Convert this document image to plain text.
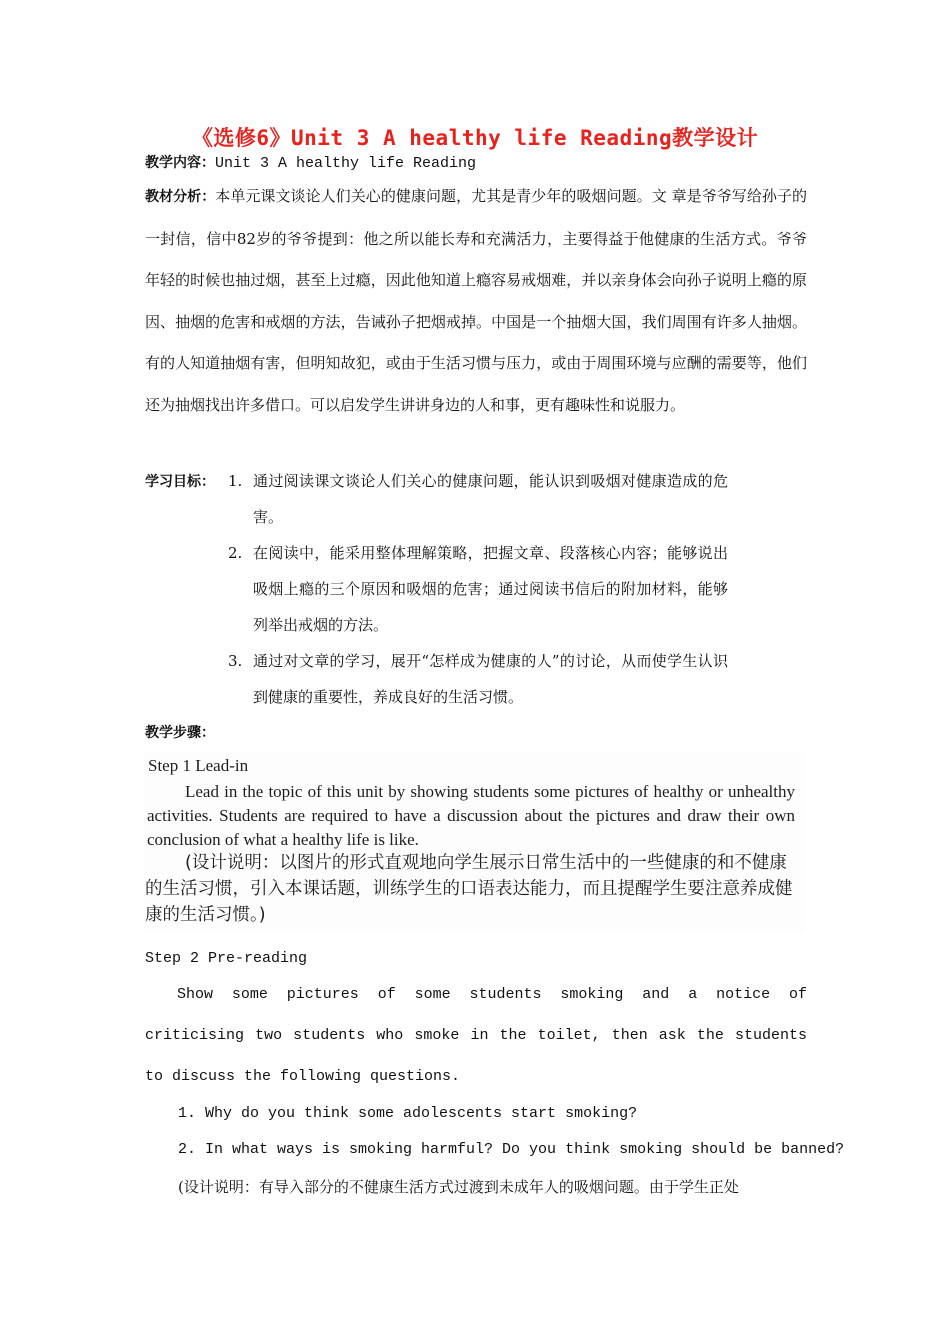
《选修6》Unit 3 A healthy life Reading教学设计
教学内容：Unit 3 A healthy life Reading
教材分析：本单元课文谈论人们关心的健康问题，尤其是青少年的吸烟问题。文 章是爷爷写给孙子的一封信，信中82岁的爷爷提到：他之所以能长寿和充满活力，主要得益于他健康的生活方式。爷爷年轻的时候也抽过烟，甚至上过瘾，因此他知道上瘾容易戒烟难，并以亲身体会向孙子说明上瘾的原因、抽烟的危害和戒烟的方法，告诫孙子把烟戒掉。中国是一个抽烟大国，我们周围有许多人抽烟。有的人知道抽烟有害，但明知故犯，或由于生活习惯与压力，或由于周围环境与应酬的需要等，他们还为抽烟找出许多借口。可以启发学生讲讲身边的人和事，更有趣味性和说服力。
学习目标： 1. 通过阅读课文谈论人们关心的健康问题，能认识到吸烟对健康造成的危害。
2. 在阅读中，能采用整体理解策略，把握文章、段落核心内容；能够说出吸烟上瘾的三个原因和吸烟的危害；通过阅读书信后的附加材料，能够列举出戒烟的方法。
3. 通过对文章的学习，展开“怎样成为健康的人”的讨论，从而使学生认识到健康的重要性，养成良好的生活习惯。
教学步骤：
Step 1 Lead-in
Lead in the topic of this unit by showing students some pictures of healthy or unhealthy activities. Students are required to have a discussion about the pictures and draw their own conclusion of what a healthy life is like.
(设计说明：以图片的形式直观地向学生展示日常生活中的一些健康的和不健康的生活习惯，引入本课话题，训练学生的口语表达能力，而且提醒学生要注意养成健康的生活习惯。)
Step 2 Pre-reading
Show some pictures of some students smoking and a notice of criticising two students who smoke in the toilet, then ask the students to discuss the following questions.
1. Why do you think some adolescents start smoking?
2. In what ways is smoking harmful? Do you think smoking should be banned?
(设计说明：有导入部分的不健康生活方式过渡到未成年人的吸烟问题。由于学生正处
